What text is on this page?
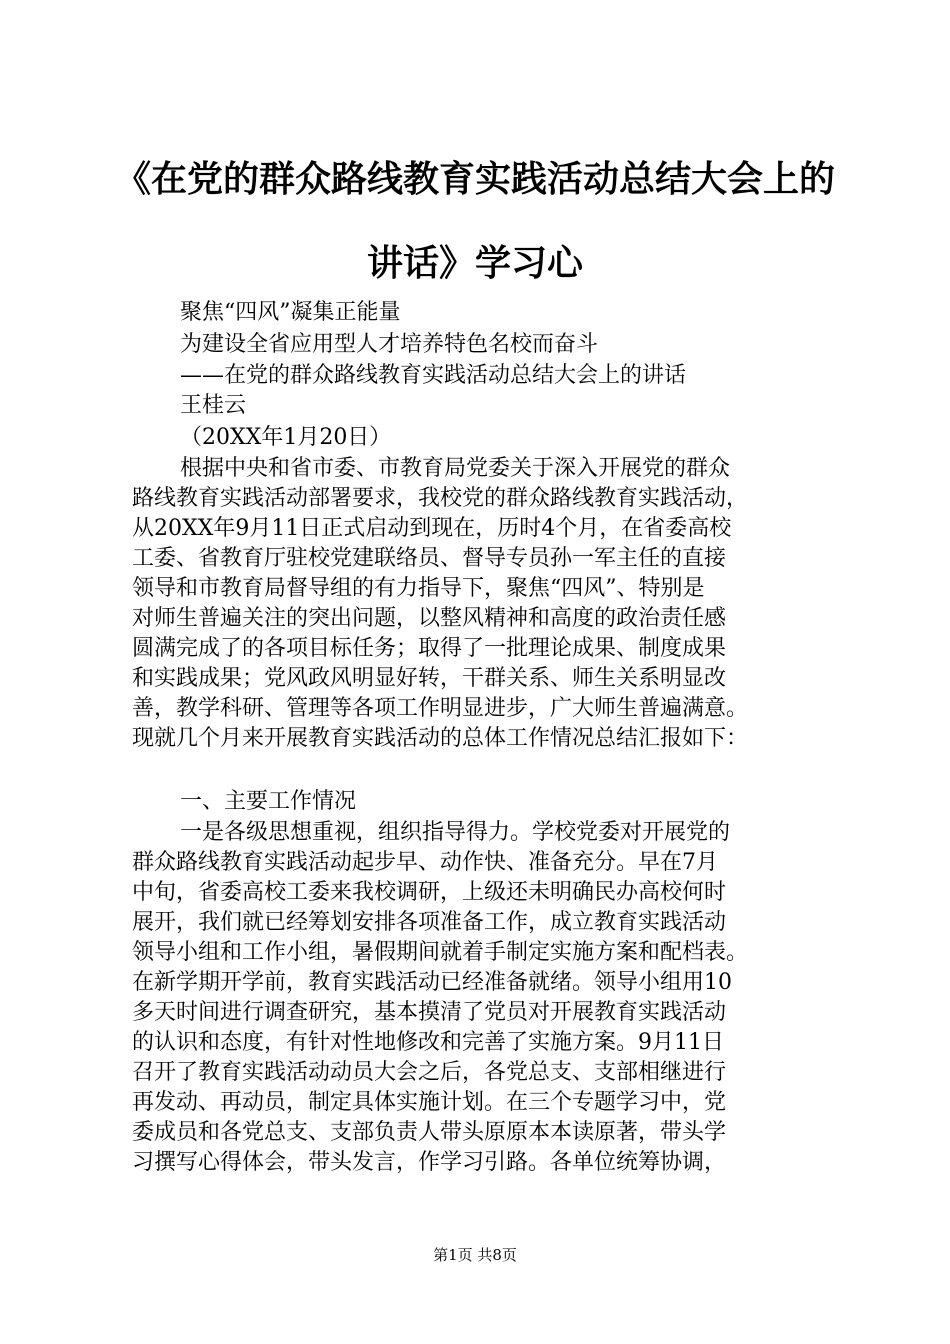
《在党的群众路线教育实践活动总结大会上的
讲话》学习心
聚焦“四风”凝集正能量
为建设全省应用型人才培养特色名校而奋斗
——在党的群众路线教育实践活动总结大会上的讲话
王桂云
（20XX年1月20日）
根据中央和省市委、市教育局党委关于深入开展党的群众
路线教育实践活动部署要求，我校党的群众路线教育实践活动，
从20XX年9月11日正式启动到现在，历时4个月，在省委高校
工委、省教育厅驻校党建联络员、督导专员孙一军主任的直接
领导和市教育局督导组的有力指导下，聚焦“四风”、特别是
对师生普遍关注的突出问题，以整风精神和高度的政治责任感
圆满完成了的各项目标任务；取得了一批理论成果、制度成果
和实践成果；党风政风明显好转，干群关系、师生关系明显改
善，教学科研、管理等各项工作明显进步，广大师生普遍满意。
现就几个月来开展教育实践活动的总体工作情况总结汇报如下：
一、主要工作情况
一是各级思想重视，组织指导得力。学校党委对开展党的
群众路线教育实践活动起步早、动作快、准备充分。早在7月
中旬，省委高校工委来我校调研，上级还未明确民办高校何时
展开，我们就已经筹划安排各项准备工作，成立教育实践活动
领导小组和工作小组，暑假期间就着手制定实施方案和配档表。
在新学期开学前，教育实践活动已经准备就绪。领导小组用10
多天时间进行调查研究，基本摸清了党员对开展教育实践活动
的认识和态度，有针对性地修改和完善了实施方案。9月11日
召开了教育实践活动动员大会之后，各党总支、支部相继进行
再发动、再动员，制定具体实施计划。在三个专题学习中，党
委成员和各党总支、支部负责人带头原原本本读原著，带头学
习撰写心得体会，带头发言，作学习引路。各单位统筹协调，
第1页 共8页
